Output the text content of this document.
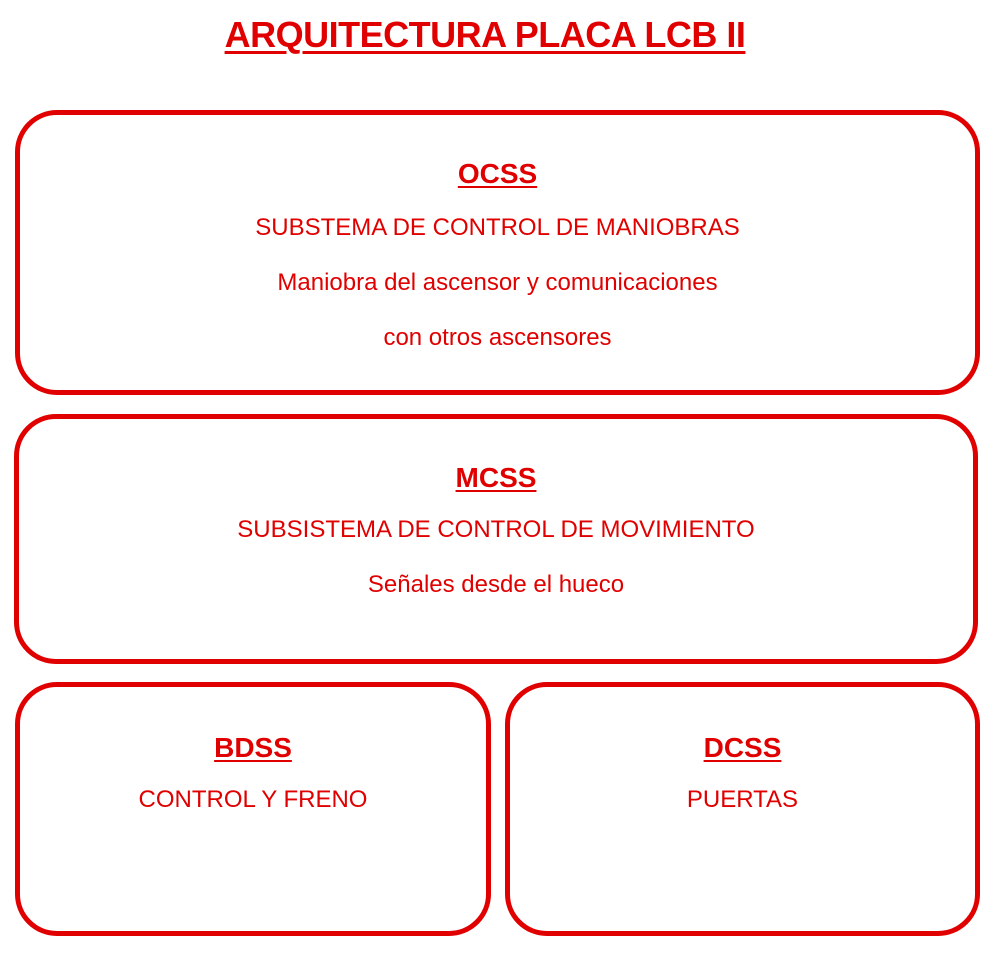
ARQUITECTURA PLACA LCB II
OCSS
SUBSTEMA DE CONTROL DE MANIOBRAS
Maniobra del ascensor y comunicaciones
con otros ascensores
MCSS
SUBSISTEMA DE CONTROL DE MOVIMIENTO
Señales desde el hueco
BDSS
CONTROL Y FRENO
DCSS
PUERTAS
